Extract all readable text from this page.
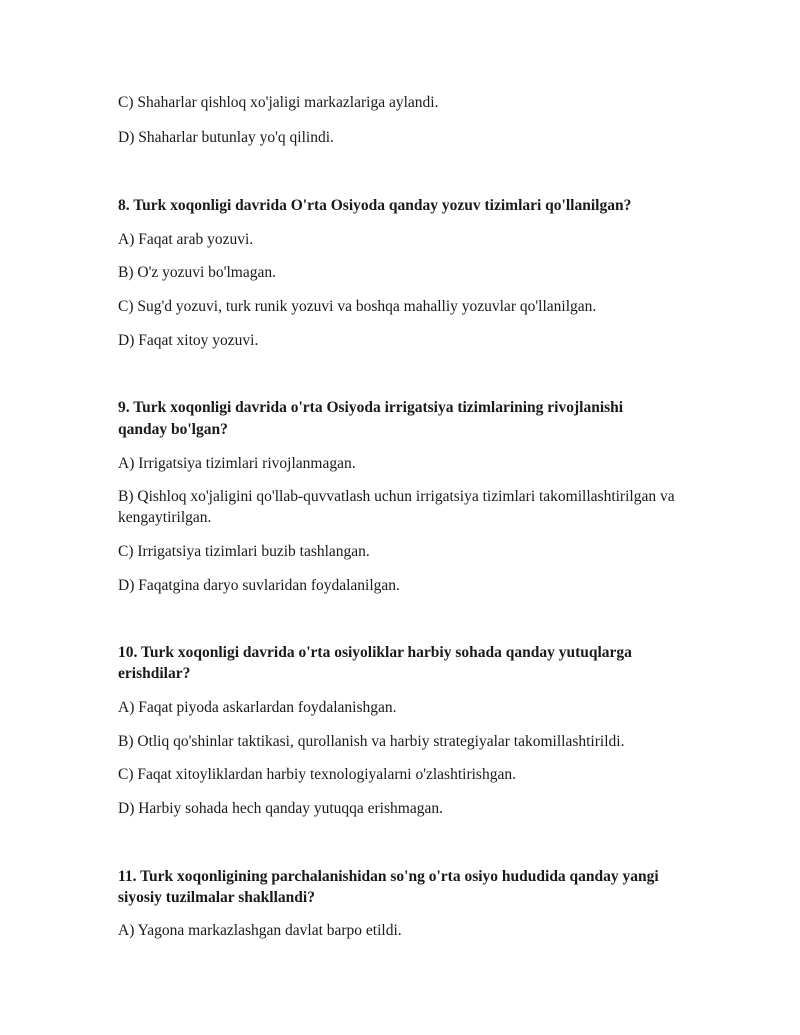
C) Shaharlar qishloq xo'jaligi markazlariga aylandi.
D) Shaharlar butunlay yo'q qilindi.
8. Turk xoqonligi davrida O'rta Osiyoda qanday yozuv tizimlari qo'llanilgan?
A) Faqat arab yozuvi.
B) O'z yozuvi bo'lmagan.
C) Sug'd yozuvi, turk runik yozuvi va boshqa mahalliy yozuvlar qo'llanilgan.
D) Faqat xitoy yozuvi.
9. Turk xoqonligi davrida o'rta Osiyoda irrigatsiya tizimlarining rivojlanishi
qanday bo'lgan?
A) Irrigatsiya tizimlari rivojlanmagan.
B) Qishloq xo'jaligini qo'llab-quvvatlash uchun irrigatsiya tizimlari takomillashtirilgan va
kengaytirilgan.
C) Irrigatsiya tizimlari buzib tashlangan.
D) Faqatgina daryo suvlaridan foydalanilgan.
10. Turk xoqonligi davrida o'rta osiyoliklar harbiy sohada qanday yutuqlarga
erishdilar?
A) Faqat piyoda askarlardan foydalanishgan.
B) Otliq qo'shinlar taktikasi, qurollanish va harbiy strategiyalar takomillashtirildi.
C) Faqat xitoyliklardan harbiy texnologiyalarni o'zlashtirishgan.
D) Harbiy sohada hech qanday yutuqqa erishmagan.
11. Turk xoqonligining parchalanishidan so'ng o'rta osiyo hududida qanday yangi
siyosiy tuzilmalar shakllandi?
A) Yagona markazlashgan davlat barpo etildi.
